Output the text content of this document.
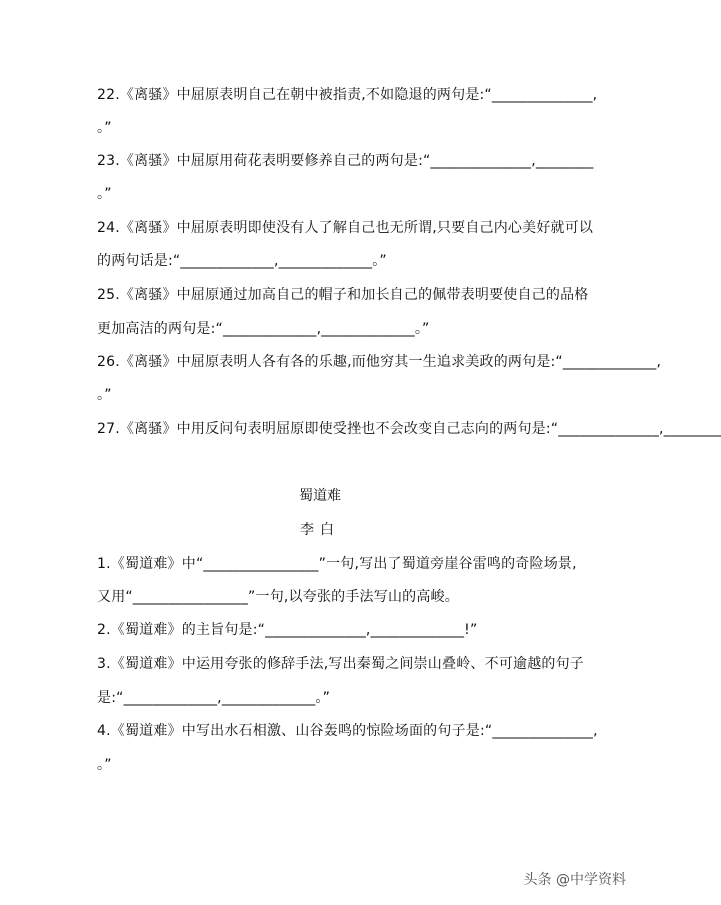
22.《离骚》中屈原表明自己在朝中被指责,不如隐退的两句是:“______________,
。”
23.《离骚》中屈原用荷花表明要修养自己的两句是:“______________,________
。”
24.《离骚》中屈原表明即使没有人了解自己也无所谓,只要自己内心美好就可以
的两句话是:“_____________,_____________。”
25.《离骚》中屈原通过加高自己的帽子和加长自己的佩带表明要使自己的品格
更加高洁的两句是:“_____________,_____________。”
26.《离骚》中屈原表明人各有各的乐趣,而他穷其一生追求美政的两句是:“_____________,
。”
27.《离骚》中用反问句表明屈原即使受挫也不会改变自己志向的两句是:“______________,________
蜀道难
李白
1.《蜀道难》中“________________”一句,写出了蜀道旁崖谷雷鸣的奇险场景,
又用“________________”一句,以夸张的手法写山的高峻。
2.《蜀道难》的主旨句是:“______________,_____________!”
3.《蜀道难》中运用夸张的修辞手法,写出秦蜀之间崇山叠岭、不可逾越的句子
是:“_____________,_____________。”
4.《蜀道难》中写出水石相激、山谷轰鸣的惊险场面的句子是:“______________,
。”
头条 @中学资料
